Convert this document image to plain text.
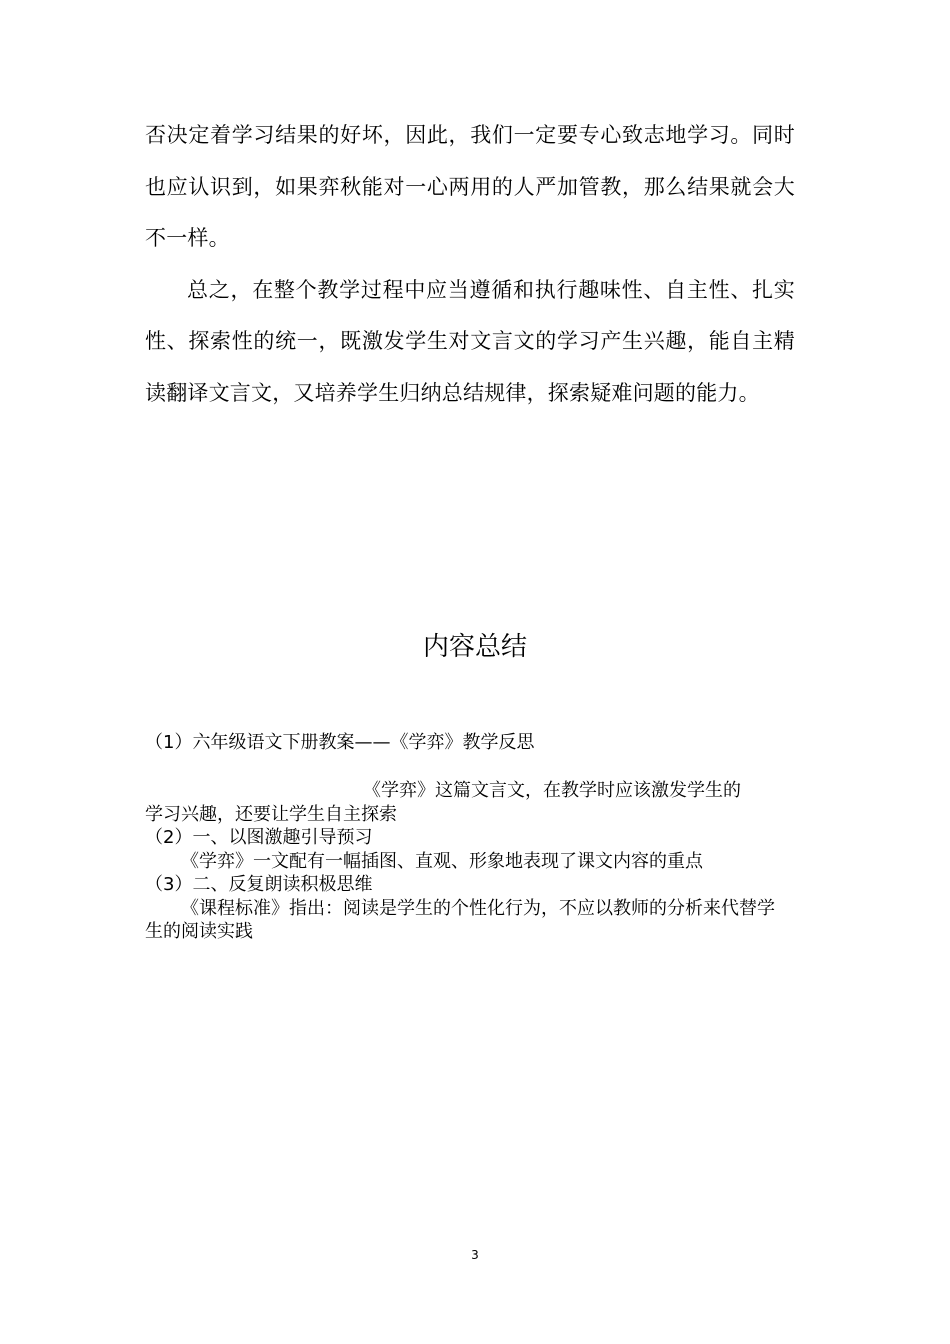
否决定着学习结果的好坏，因此，我们一定要专心致志地学习。同时也应认识到，如果弈秋能对一心两用的人严加管教，那么结果就会大不一样。

总之，在整个教学过程中应当遵循和执行趣味性、自主性、扎实性、探索性的统一，既激发学生对文言文的学习产生兴趣，能自主精读翻译文言文，又培养学生归纳总结规律，探索疑难问题的能力。

内容总结

（1）六年级语文下册教案——《学弈》教学反思

《学弈》这篇文言文，在教学时应该激发学生的

学习兴趣，还要让学生自主探索

（2）一、以图激趣引导预习

《学弈》一文配有一幅插图、直观、形象地表现了课文内容的重点

（3）二、反复朗读积极思维

《课程标准》指出：阅读是学生的个性化行为，不应以教师的分析来代替学生的阅读实践

3
